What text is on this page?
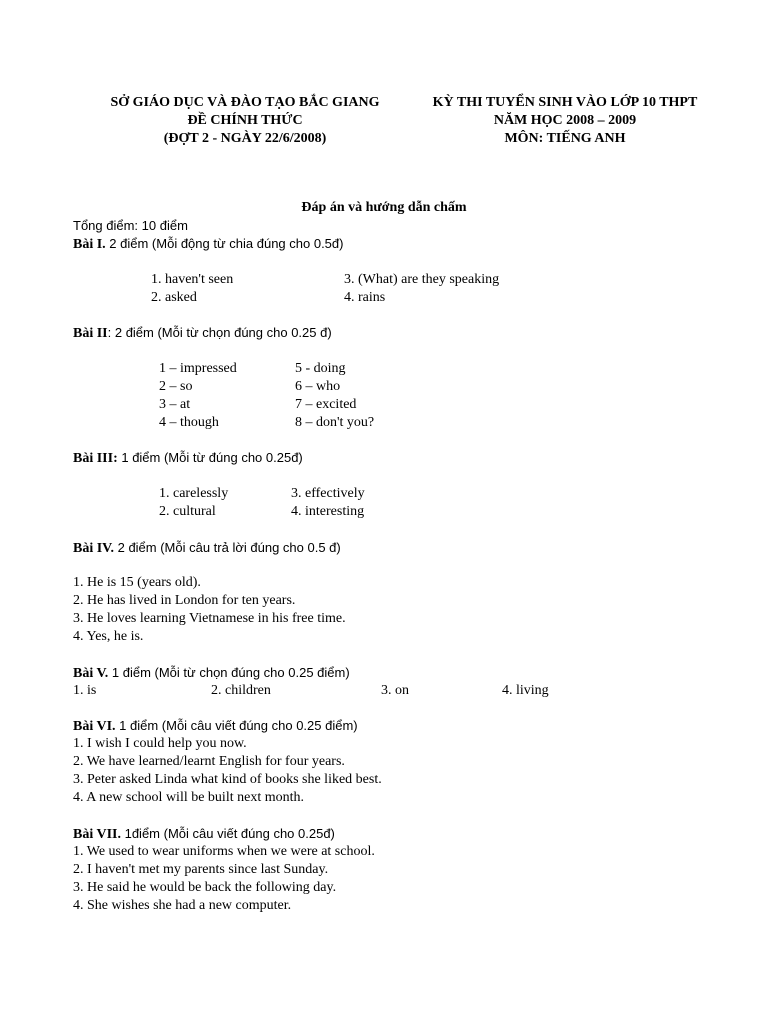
SỞ GIÁO DỤC VÀ ĐÀO TẠO BẮC GIANG
ĐỀ CHÍNH THỨC
(ĐỢT 2 - NGÀY 22/6/2008)
KỲ THI TUYỂN SINH VÀO LỚP 10 THPT
NĂM HỌC 2008 – 2009
MÔN: TIẾNG ANH
Đáp án và hướng dẫn chấm
Tổng điểm: 10 điểm
Bài I. 2 điểm (Mỗi động từ chia đúng cho 0.5đ)
1. haven't seen	3. (What) are they speaking
2. asked	4. rains
Bài II: 2 điểm (Mỗi từ chọn đúng cho 0.25 đ)
1 – impressed	5 - doing
2 – so	6 – who
3 – at	7 – excited
4 – though	8 – don't you?
Bài III: 1 điểm (Mỗi từ đúng cho 0.25đ)
1. carelessly	3. effectively
2. cultural	4. interesting
Bài IV. 2 điểm (Mỗi câu trả lời đúng cho 0.5 đ)
1. He is 15 (years old).
2. He has lived in London for ten years.
3. He loves learning Vietnamese in his free time.
4. Yes, he is.
Bài V. 1 điểm (Mỗi từ chọn đúng cho 0.25 điểm)
1. is	2. children	3. on	4. living
Bài VI. 1 điểm (Mỗi câu viết đúng cho 0.25 điểm)
1. I wish I could help you now.
2. We have learned/learnt English for four years.
3. Peter asked Linda what kind of books she liked best.
4. A new school will be built next month.
Bài VII. 1điểm (Mỗi câu viết đúng cho 0.25đ)
1. We used to wear uniforms when we were at school.
2. I haven't met my parents since last Sunday.
3. He said he would be back the following day.
4. She wishes she had a new computer.
